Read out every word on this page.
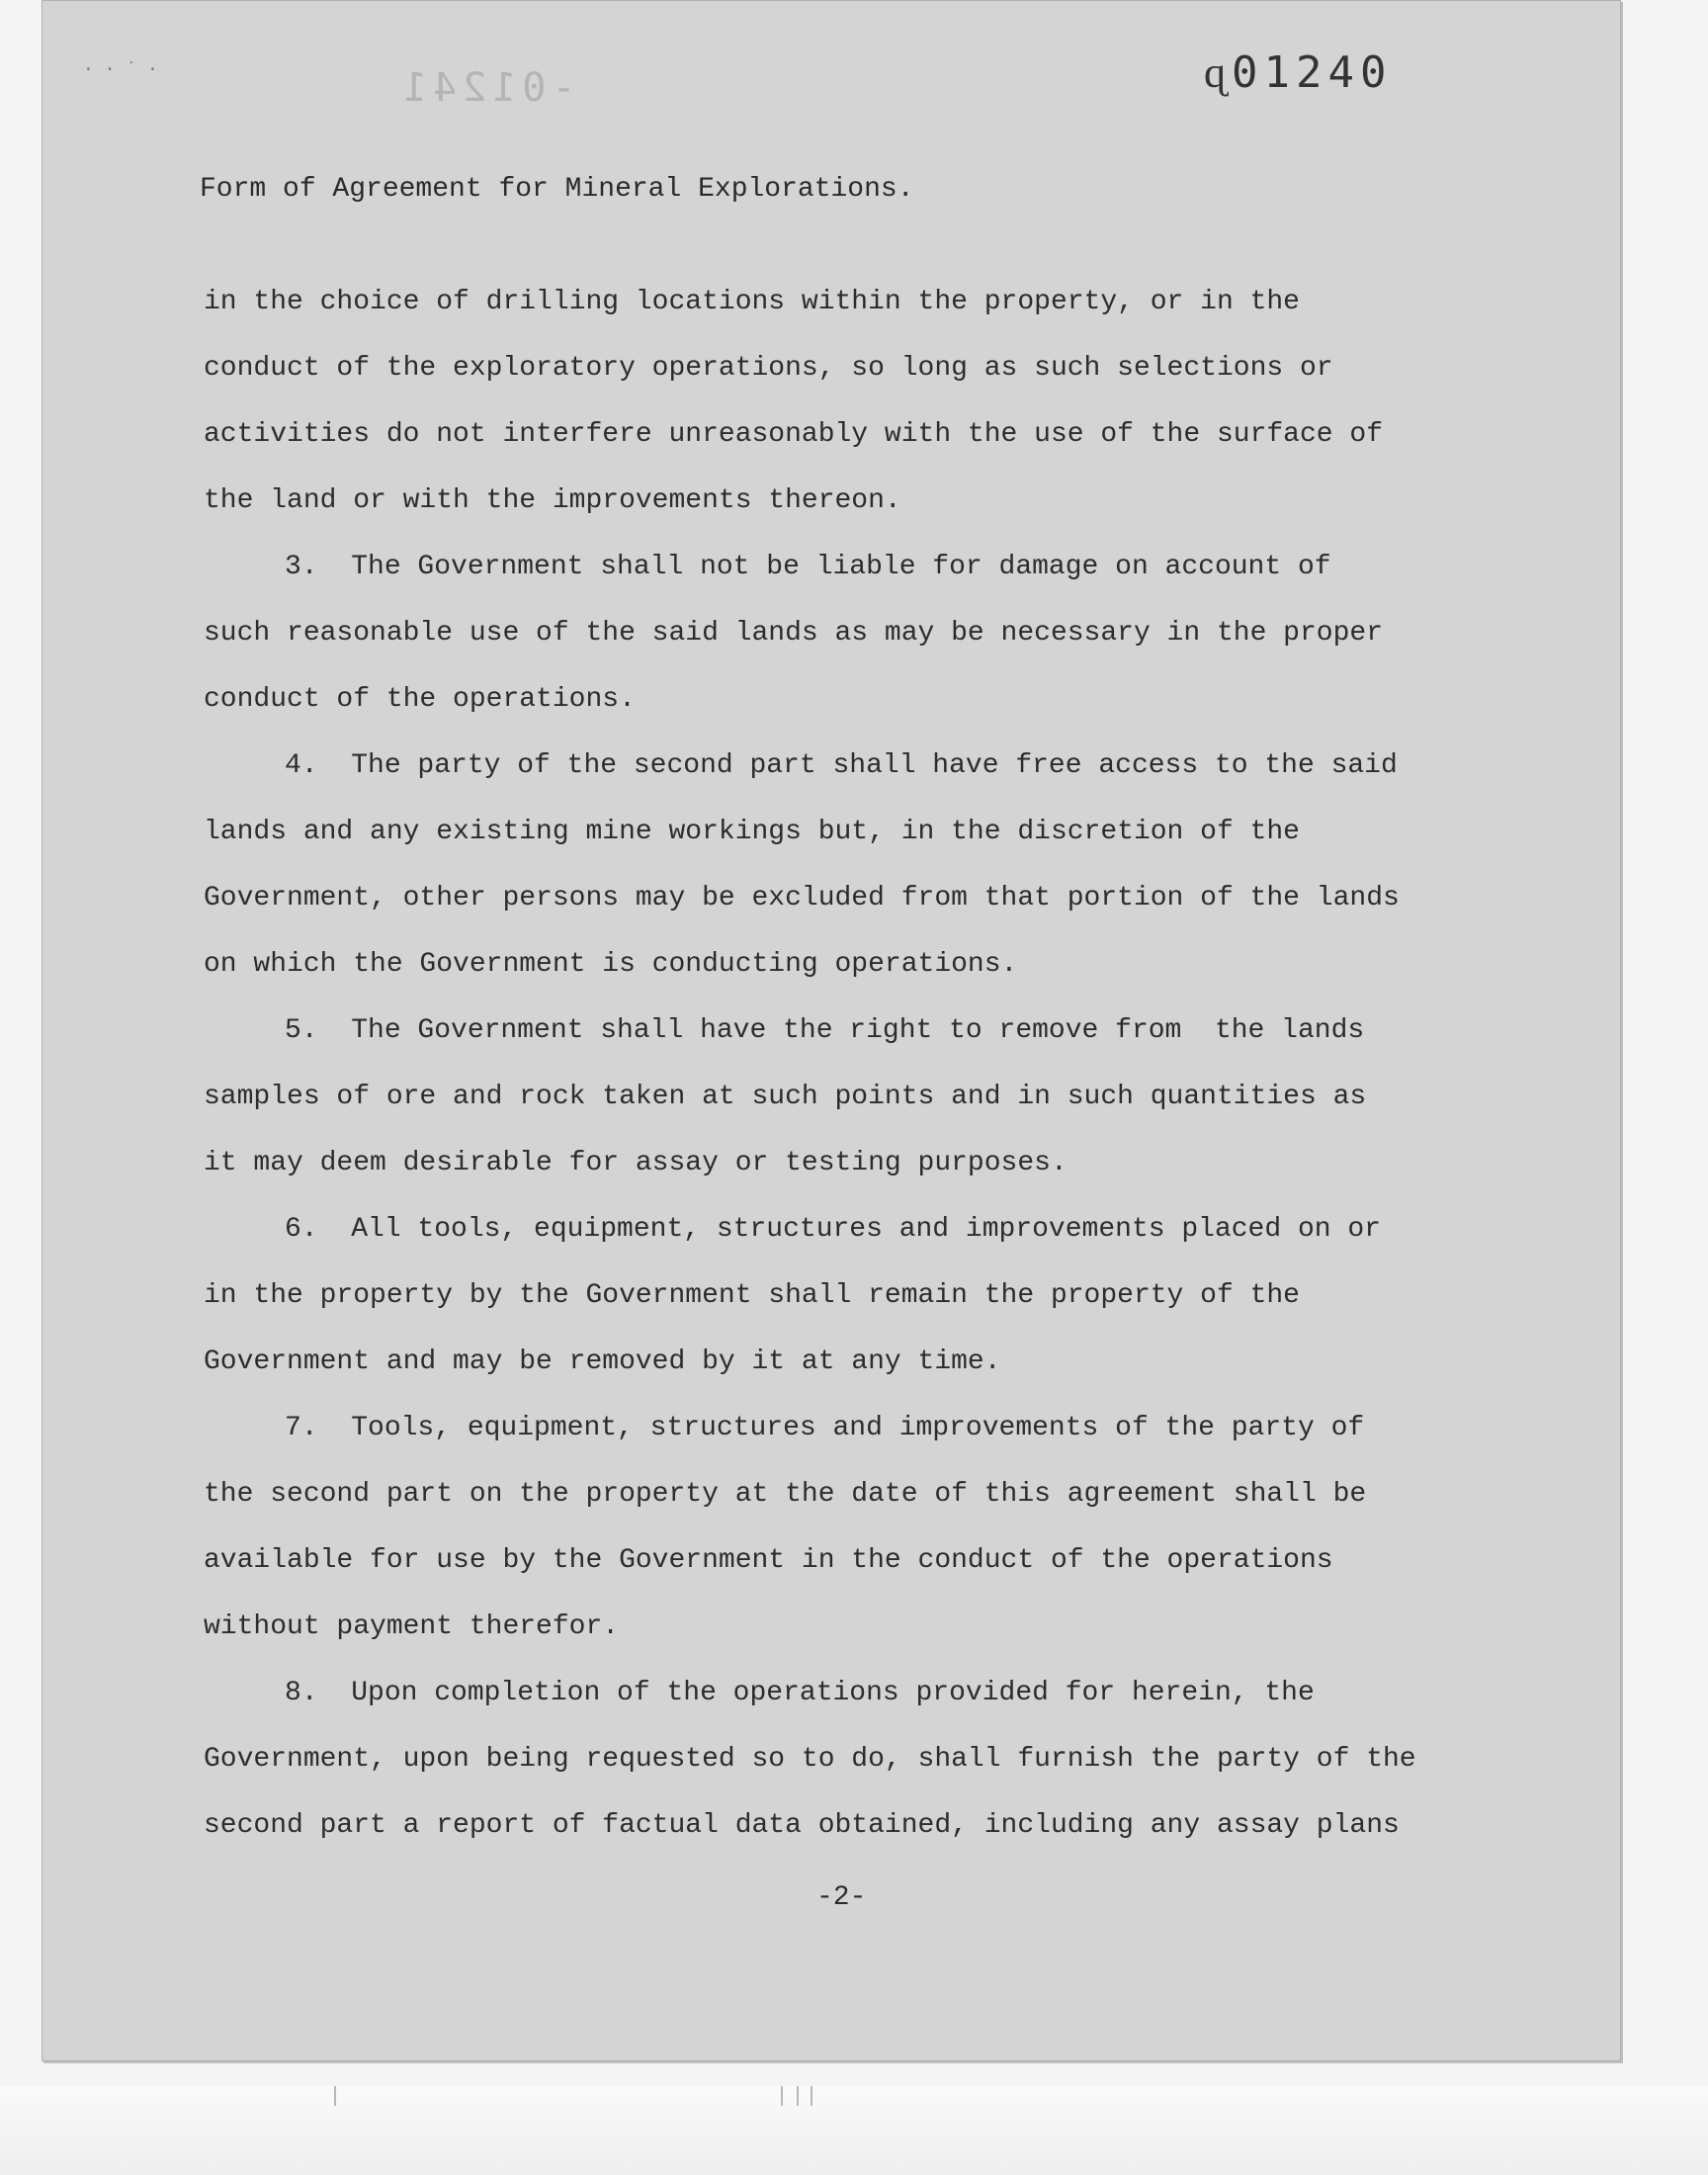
· · ˙ ·	-01241	ɋ01240
Form of Agreement for Mineral Explorations.
in the choice of drilling locations within the property, or in the
conduct of the exploratory operations, so long as such selections or
activities do not interfere unreasonably with the use of the surface of
the land or with the improvements thereon.
3.  The Government shall not be liable for damage on account of
such reasonable use of the said lands as may be necessary in the proper
conduct of the operations.
4.  The party of the second part shall have free access to the said
lands and any existing mine workings but, in the discretion of the
Government, other persons may be excluded from that portion of the lands
on which the Government is conducting operations.
5.  The Government shall have the right to remove from  the lands
samples of ore and rock taken at such points and in such quantities as
it may deem desirable for assay or testing purposes.
6.  All tools, equipment, structures and improvements placed on or
in the property by the Government shall remain the property of the
Government and may be removed by it at any time.
7.  Tools, equipment, structures and improvements of the party of
the second part on the property at the date of this agreement shall be
available for use by the Government in the conduct of the operations
without payment therefor.
8.  Upon completion of the operations provided for herein, the
Government, upon being requested so to do, shall furnish the party of the
second part a report of factual data obtained, including any assay plans
-2-
